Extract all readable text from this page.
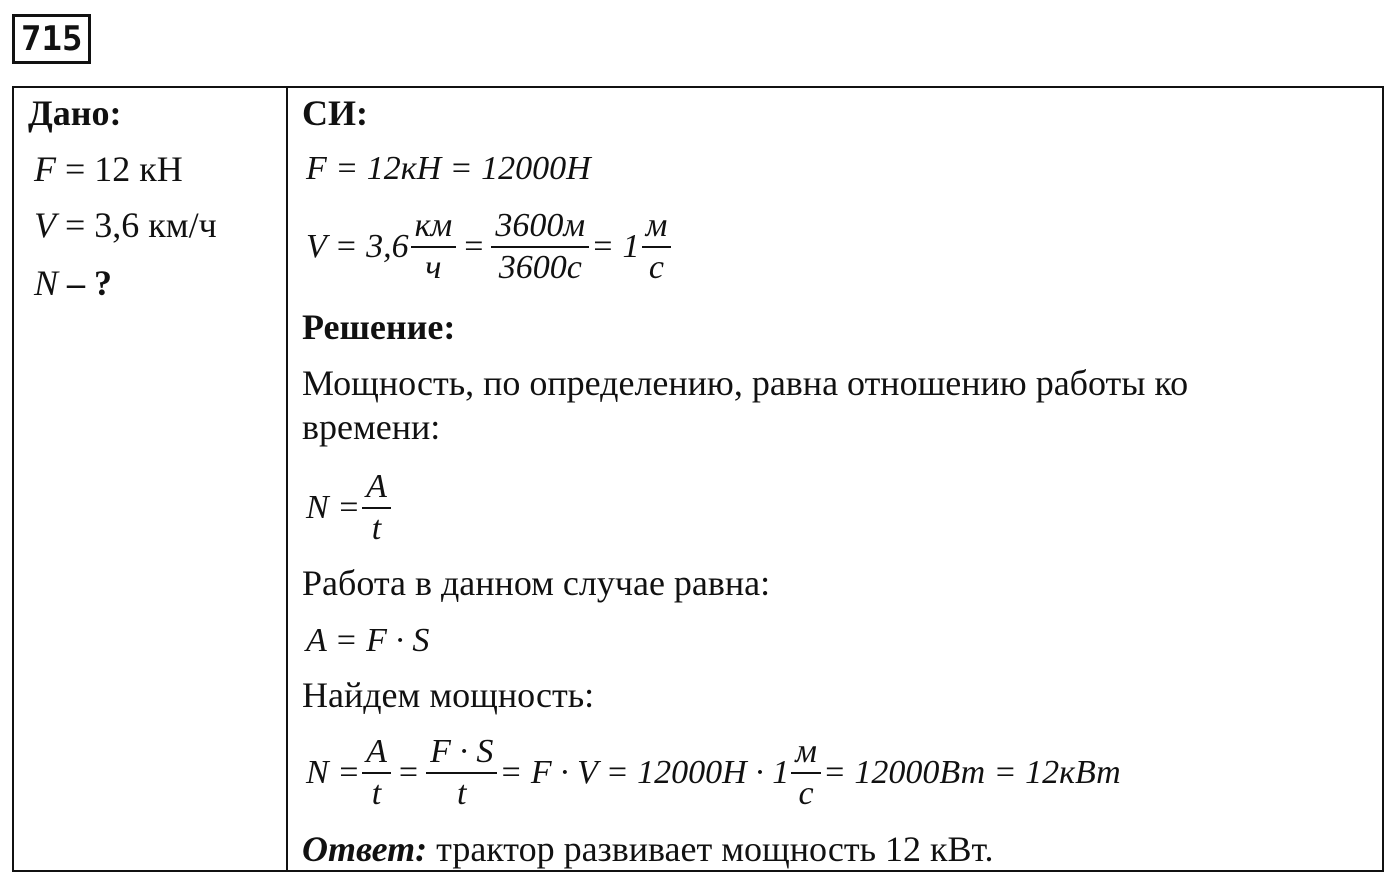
715
Дано:
F = 12 кН
V = 3,6 км/ч
N – ?
СИ:
F = 12кН = 12000Н
$V = 3,6 \frac{км}{ч} = \frac{3600м}{3600с} = 1 \frac{м}{с}$
Решение:
Мощность, по определению, равна отношению работы ко
времени:
$N = \frac{A}{t}$
Работа в данном случае равна:
A = F · S
Найдем мощность:
$N = \frac{A}{t} = \frac{F \cdot S}{t} = F \cdot V = 12000Н \cdot 1 \frac{м}{с} = 12000Вт = 12кВт$
Ответ: трактор развивает мощность 12 кВт.
